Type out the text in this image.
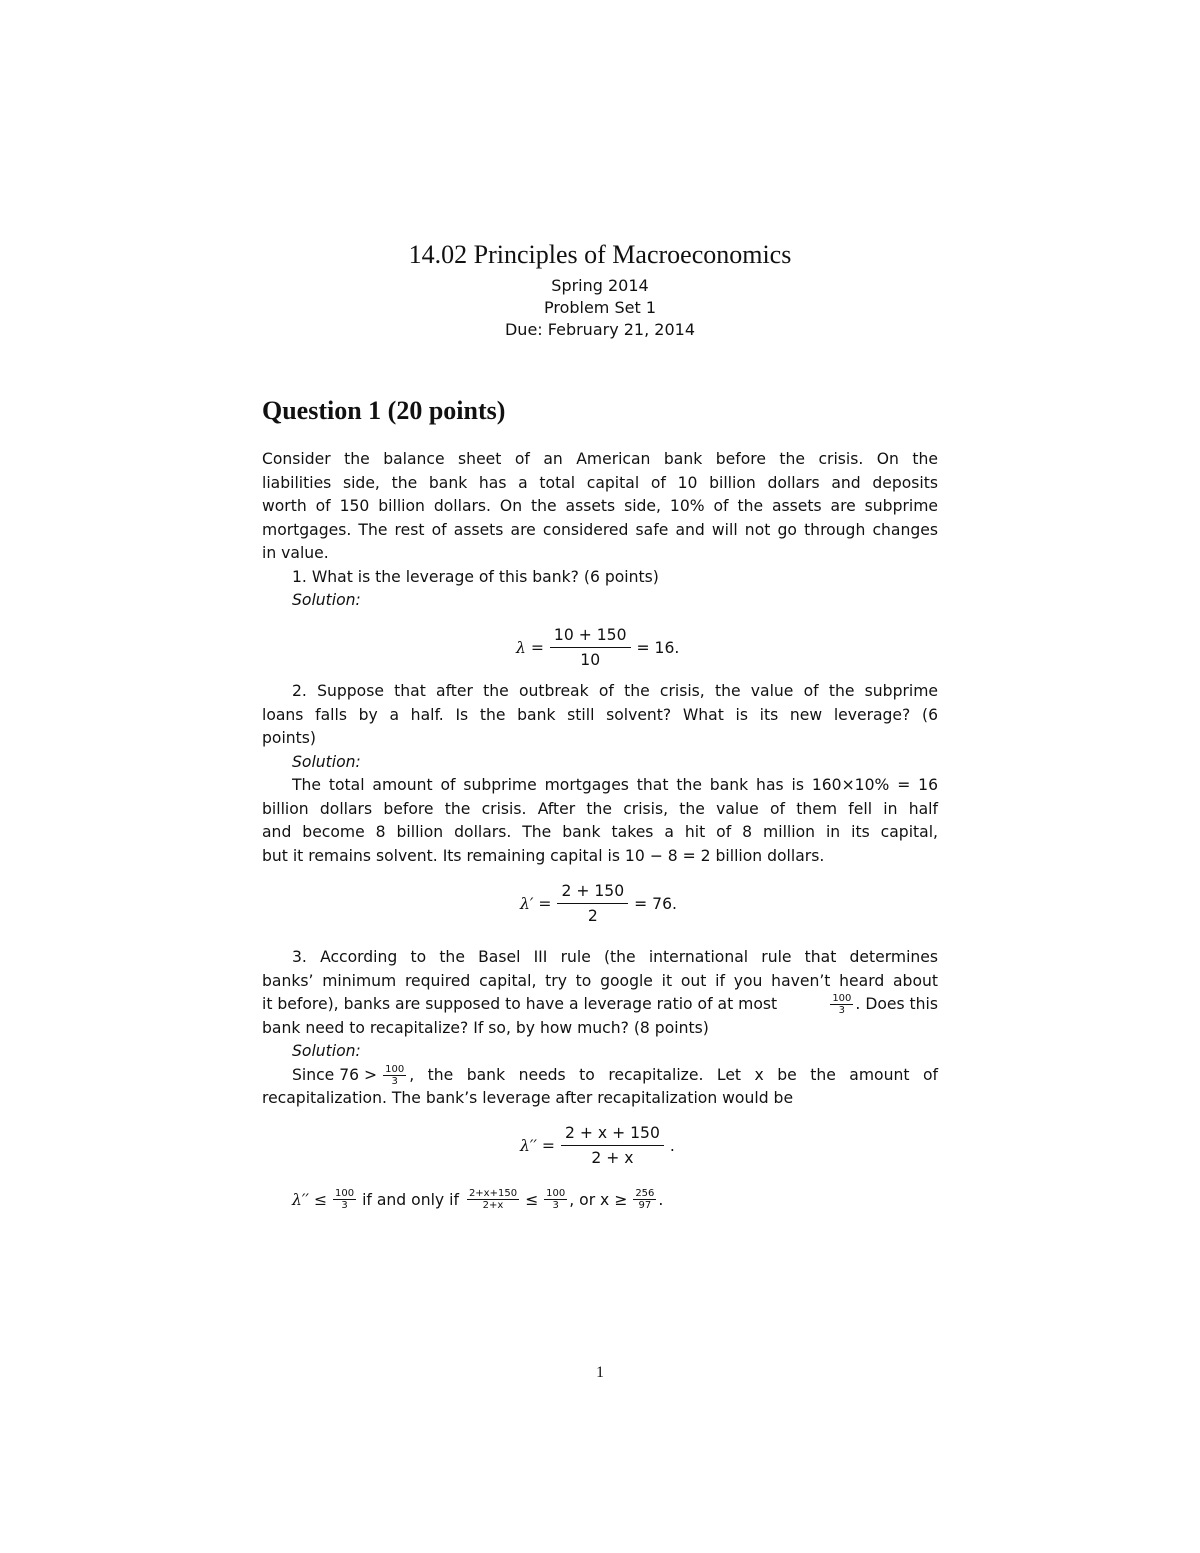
14.02 Principles of Macroeconomics
Spring 2014
Problem Set 1
Due: February 21, 2014
Question 1 (20 points)
Consider the balance sheet of an American bank before the crisis. On the
liabilities side, the bank has a total capital of 10 billion dollars and deposits
worth of 150 billion dollars. On the assets side, 10% of the assets are subprime
mortgages. The rest of assets are considered safe and will not go through changes
in value.
1. What is the leverage of this bank? (6 points)
Solution:
$\lambda = \frac{10 + 150}{10} = 16$.
2. Suppose that after the outbreak of the crisis, the value of the subprime
loans falls by a half. Is the bank still solvent? What is its new leverage? (6
points)
Solution:
The total amount of subprime mortgages that the bank has is 160×10% = 16
billion dollars before the crisis. After the crisis, the value of them fell in half
and become 8 billion dollars. The bank takes a hit of 8 million in its capital,
but it remains solvent. Its remaining capital is 10 − 8 = 2 billion dollars.
$\lambda' = \frac{2 + 150}{2} = 76$.
3. According to the Basel III rule (the international rule that determines
banks’ minimum required capital, try to google it out if you haven’t heard about
it before), banks are supposed to have a leverage ratio of at most	$\frac{100}{3}$ . Does this
bank need to recapitalize? If so, by how much? (8 points)
Solution:
Since $76 > \frac{100}{3}$ , the bank needs to recapitalize. Let x be the amount of
recapitalization. The bank’s leverage after recapitalization would be
$\lambda'' = \frac{2 + x + 150}{2 + x}$ .
$\lambda'' \le \frac{100}{3}$ if and only if $\frac{2+x+150}{2+x} \le \frac{100}{3}$ , or $x \ge \frac{256}{97}$ .
1
